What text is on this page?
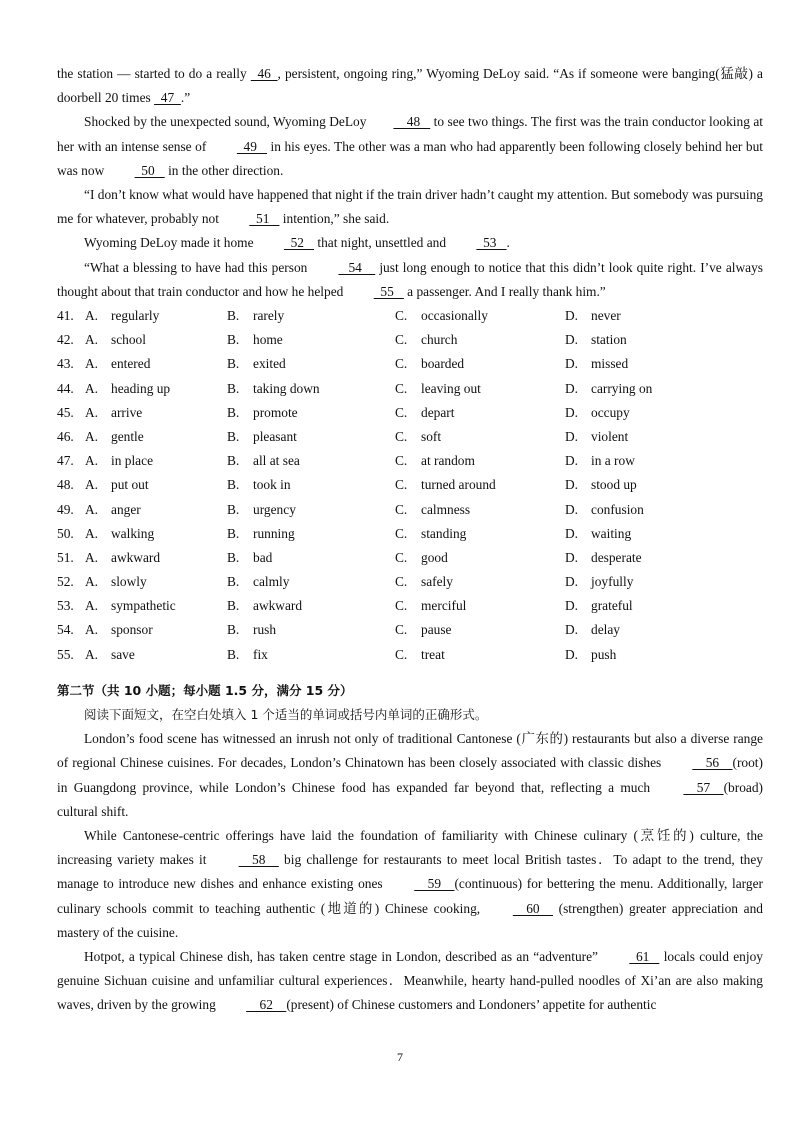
the station — started to do a really   46  , persistent, ongoing ring,” Wyoming DeLoy said. “As if someone were banging(猛敲) a doorbell 20 times   47  .”

Shocked by the unexpected sound, Wyoming DeLoy    48    to see two things. The first was the train conductor looking at her with an intense sense of   49    in his eyes. The other was a man who had apparently been following closely behind her but was now   50    in the other direction.

“I don’t know what would have happened that night if the train driver hadn’t caught my attention. But somebody was pursuing me for whatever, probably not   51    intention,” she said.

Wyoming DeLoy made it home   52    that night, unsettled and   53   .

“What a blessing to have had this person    54     just long enough to notice that this didn’t look quite right. I’ve always thought about that train conductor and how he helped   55    a passenger. And I really thank him.”

41. A. regularly	B.	rarely	C.	occasionally	D. never
42. A. school	B.	home	C.	church	D. station
43. A. entered	B.	exited	C.	boarded	D. missed
44. A. heading up	B.	taking down	C.	leaving out	D. carrying on
45. A. arrive	B.	promote	C.	depart	D. occupy
46. A. gentle	B.	pleasant	C.	soft	D. violent
47. A. in place	B.	all at sea	C.	at random	D. in a row
48. A. put out	B.	took in	C.	turned around	D. stood up
49. A. anger	B.	urgency	C.	calmness	D. confusion
50. A. walking	B.	running	C.	standing	D. waiting
51. A. awkward	B.	bad	C.	good	D. desperate
52. A. slowly	B.	calmly	C.	safely	D. joyfully
53. A. sympathetic	B.	awkward	C.	merciful	D. grateful
54. A. sponsor	B.	rush	C.	pause	D. delay
55. A. save	B.	fix	C.	treat	D. push
第二节（共 10 小题；每小题 1.5 分，满分 15 分）

阅读下面短文，在空白处填入 1 个适当的单词或括号内单词的正确形式。

London’s food scene has witnessed an inrush not only of traditional Cantonese (广东的) restaurants but also a diverse range of regional Chinese cuisines. For decades, London’s Chinatown has been closely associated with classic dishes     56    (root) in Guangdong province, while London’s Chinese food has expanded far beyond that, reflecting a much     57    (broad) cultural shift.

While Cantonese-centric offerings have laid the foundation of familiarity with Chinese culinary (烹饪的) culture, the increasing variety makes it     58     big challenge for restaurants to meet local British tastes．To adapt to the trend, they manage to introduce new dishes and enhance existing ones     59    (continuous) for bettering the menu. Additionally, larger culinary schools commit to teaching authentic (地道的) Chinese cooking,     60     (strengthen) greater appreciation and mastery of the cuisine.

Hotpot, a typical Chinese dish, has taken centre stage in London, described as an “adventure”   61    locals could enjoy genuine Sichuan cuisine and unfamiliar cultural experiences．Meanwhile, hearty hand-pulled noodles of Xi’an are also making waves, driven by the growing     62    (present) of Chinese customers and Londoners’ appetite for authentic

7
